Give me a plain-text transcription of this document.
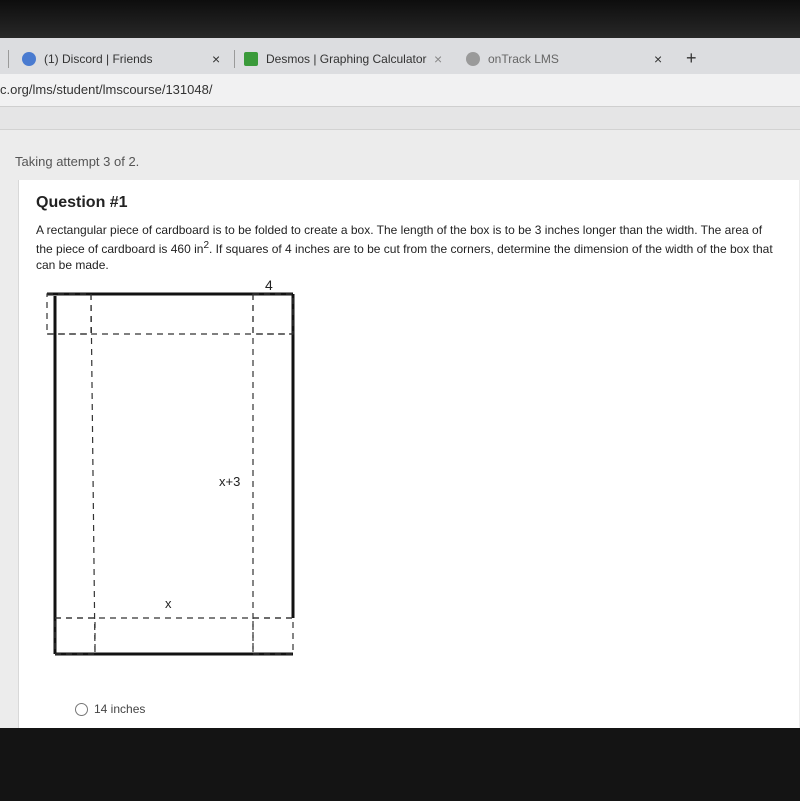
(1) Discord | Friends	×	Desmos | Graphing Calculator ×	onTrack LMS	× +
c.org/lms/student/lmscourse/131048/
Taking attempt 3 of 2.
Question #1
A rectangular piece of cardboard is to be folded to create a box. The length of the box is to be 3 inches longer than the width. The area of the piece of cardboard is 460 $in^2$. If squares of 4 inches are to be cut from the corners, determine the dimension of the width of the box that can be made.
4
x+3
x
14 inches
